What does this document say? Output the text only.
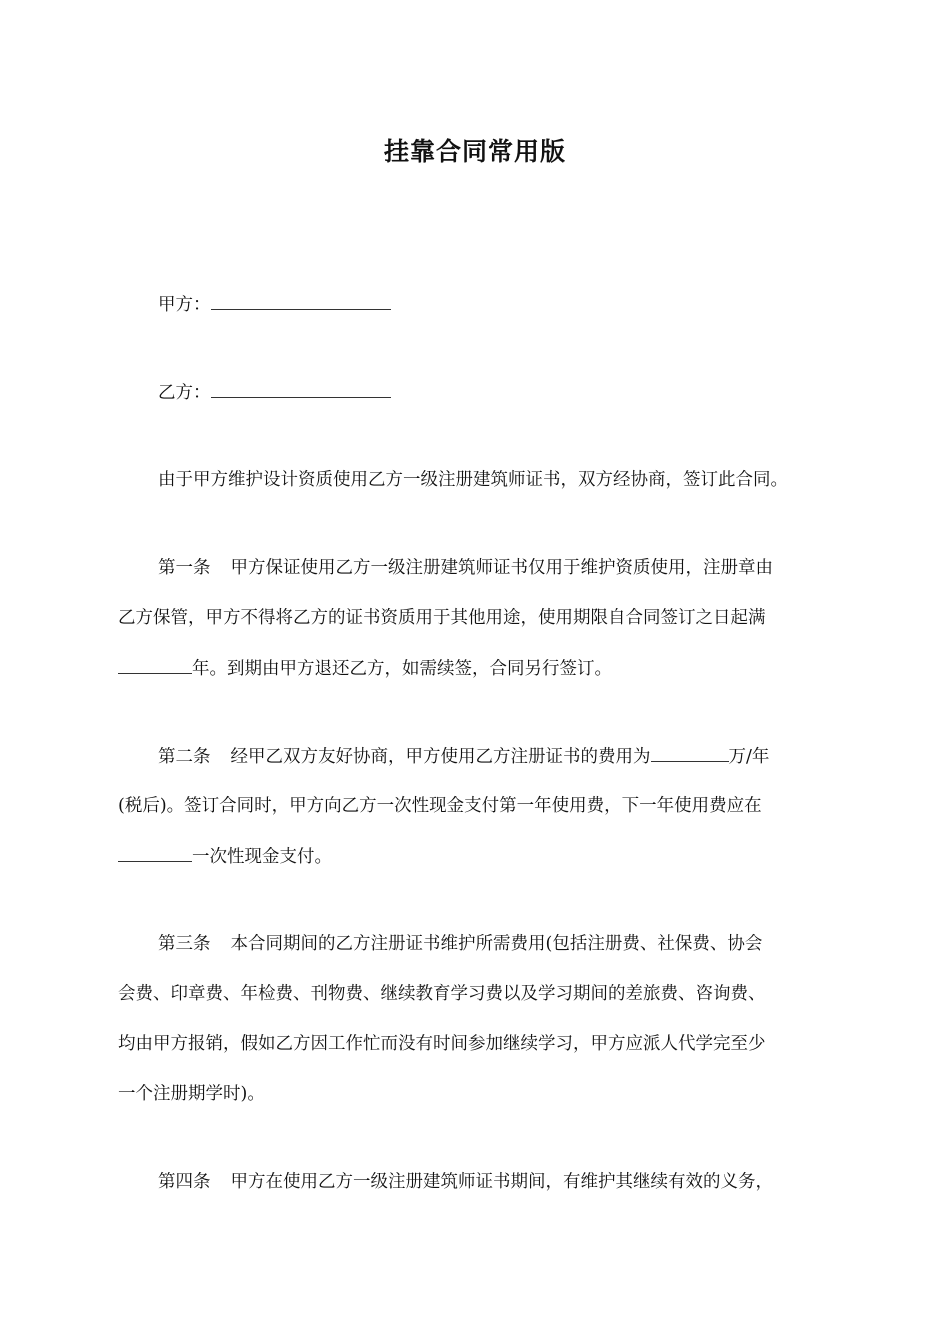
挂靠合同常用版
甲方：
乙方：
由于甲方维护设计资质使用乙方一级注册建筑师证书，双方经协商，签订此合同。
第一条 甲方保证使用乙方一级注册建筑师证书仅用于维护资质使用，注册章由
乙方保管，甲方不得将乙方的证书资质用于其他用途，使用期限自合同签订之日起满
年。到期由甲方退还乙方，如需续签，合同另行签订。
第二条 经甲乙双方友好协商，甲方使用乙方注册证书的费用为	万/年
(税后)。签订合同时，甲方向乙方一次性现金支付第一年使用费，下一年使用费应在
一次性现金支付。
第三条 本合同期间的乙方注册证书维护所需费用(包括注册费、社保费、协会
会费、印章费、年检费、刊物费、继续教育学习费以及学习期间的差旅费、咨询费、
均由甲方报销，假如乙方因工作忙而没有时间参加继续学习，甲方应派人代学完至少
一个注册期学时)。
第四条 甲方在使用乙方一级注册建筑师证书期间，有维护其继续有效的义务，
